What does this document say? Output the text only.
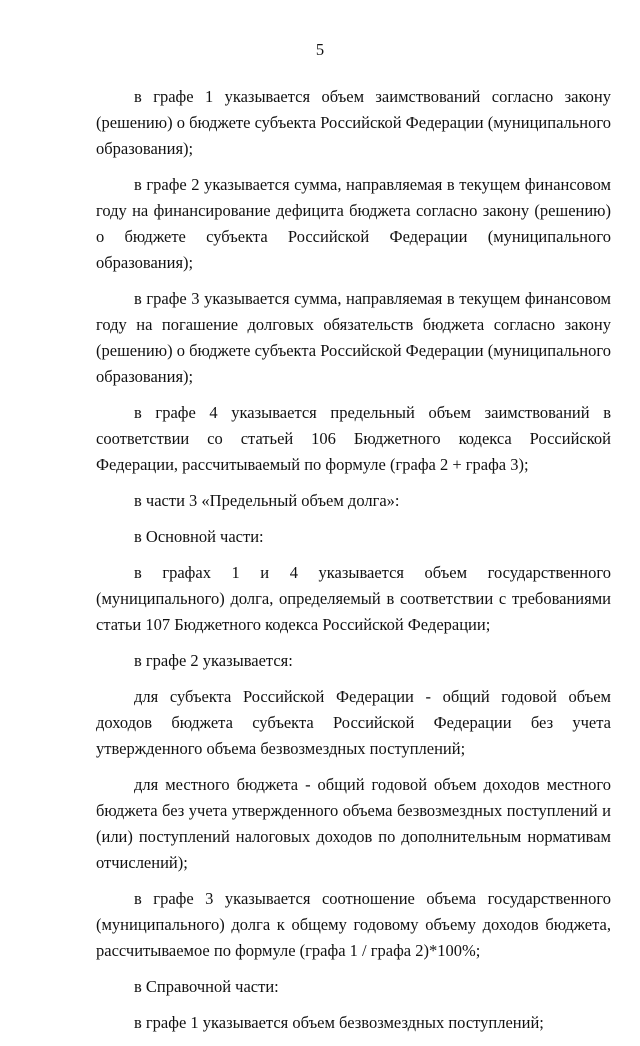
5

в графе 1 указывается объем заимствований согласно закону (решению) о бюджете субъекта Российской Федерации (муниципального образования);

в графе 2 указывается сумма, направляемая в текущем финансовом году на финансирование дефицита бюджета согласно закону (решению) о бюджете субъекта Российской Федерации (муниципального образования);

в графе 3 указывается сумма, направляемая в текущем финансовом году на погашение долговых обязательств бюджета согласно закону (решению) о бюджете субъекта Российской Федерации (муниципального образования);

в графе 4 указывается предельный объем заимствований в соответствии со статьей 106 Бюджетного кодекса Российской Федерации, рассчитываемый по формуле (графа 2 + графа 3);

в части 3 «Предельный объем долга»:

в Основной части:

в графах 1 и 4 указывается объем государственного (муниципального) долга, определяемый в соответствии с требованиями статьи 107 Бюджетного кодекса Российской Федерации;

в графе 2 указывается:

для субъекта Российской Федерации - общий годовой объем доходов бюджета субъекта Российской Федерации без учета утвержденного объема безвозмездных поступлений;

для местного бюджета - общий годовой объем доходов местного бюджета без учета утвержденного объема безвозмездных поступлений и (или) поступлений налоговых доходов по дополнительным нормативам отчислений);

в графе 3 указывается соотношение объема государственного (муниципального) долга к общему годовому объему доходов бюджета, рассчитываемое по формуле (графа 1 / графа 2)*100%;

в Справочной части:

в графе 1 указывается объем безвозмездных поступлений;
